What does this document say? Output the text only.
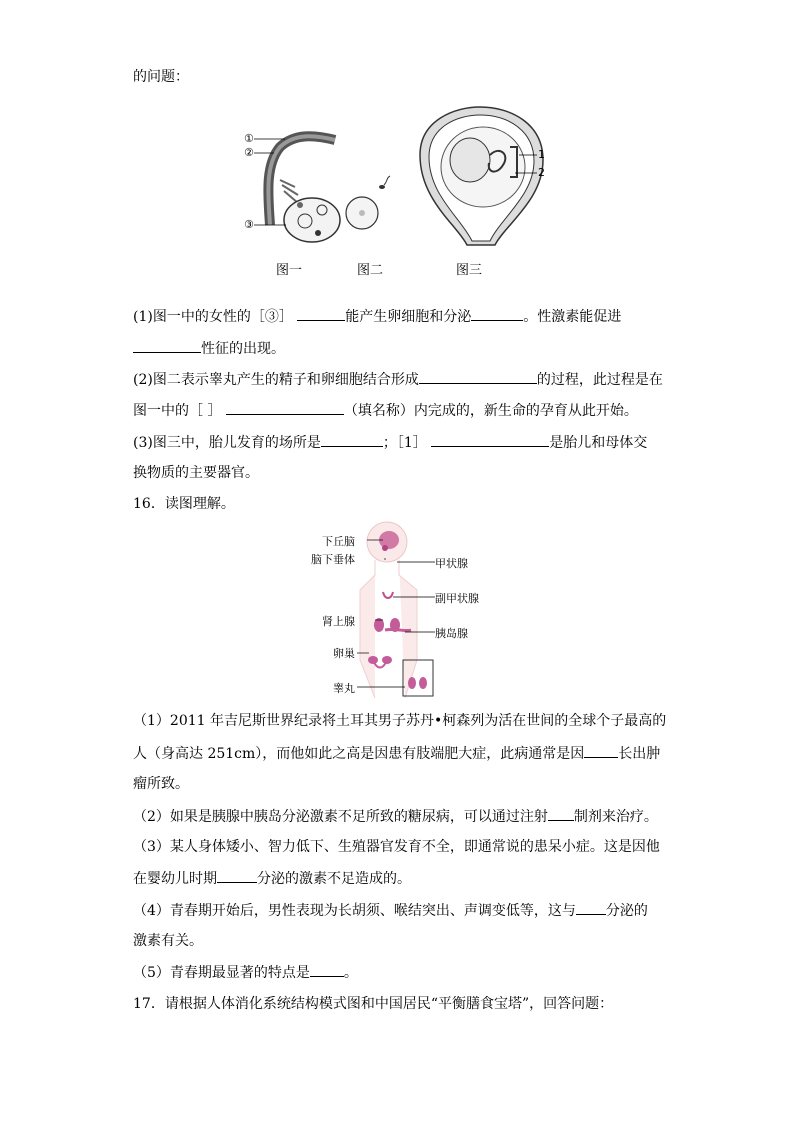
的问题：
①
②
③
1
2
图一	图二	图三
(1)图一中的女性的［③］	能产生卵细胞和分泌	。性激素能促进
性征的出现。
(2)图二表示睾丸产生的精子和卵细胞结合形成	的过程，此过程是在
图一中的［ ］	（填名称）内完成的，新生命的孕育从此开始。
(3)图三中，胎儿发育的场所是	；［1］	是胎儿和母体交
换物质的主要器官。
16．读图理解。
下丘脑
脑下垂体	甲状腺
副甲状腺
肾上腺
胰岛腺
卵巢
睾丸
（1）2011 年吉尼斯世界纪录将土耳其男子苏丹•柯森列为活在世间的全球个子最高的
人（身高达 251cm），而他如此之高是因患有肢端肥大症，此病通常是因 长出肿
瘤所致。
（2）如果是胰腺中胰岛分泌激素不足所致的糖尿病，可以通过注射 制剂来治疗。
（3）某人身体矮小、智力低下、生殖器官发育不全，即通常说的患呆小症。这是因他
在婴幼儿时期	分泌的激素不足造成的。
（4）青春期开始后，男性表现为长胡须、喉结突出、声调变低等，这与 分泌的
激素有关。
（5）青春期最显著的特点是 。
17．请根据人体消化系统结构模式图和中国居民“平衡膳食宝塔”，回答问题：
